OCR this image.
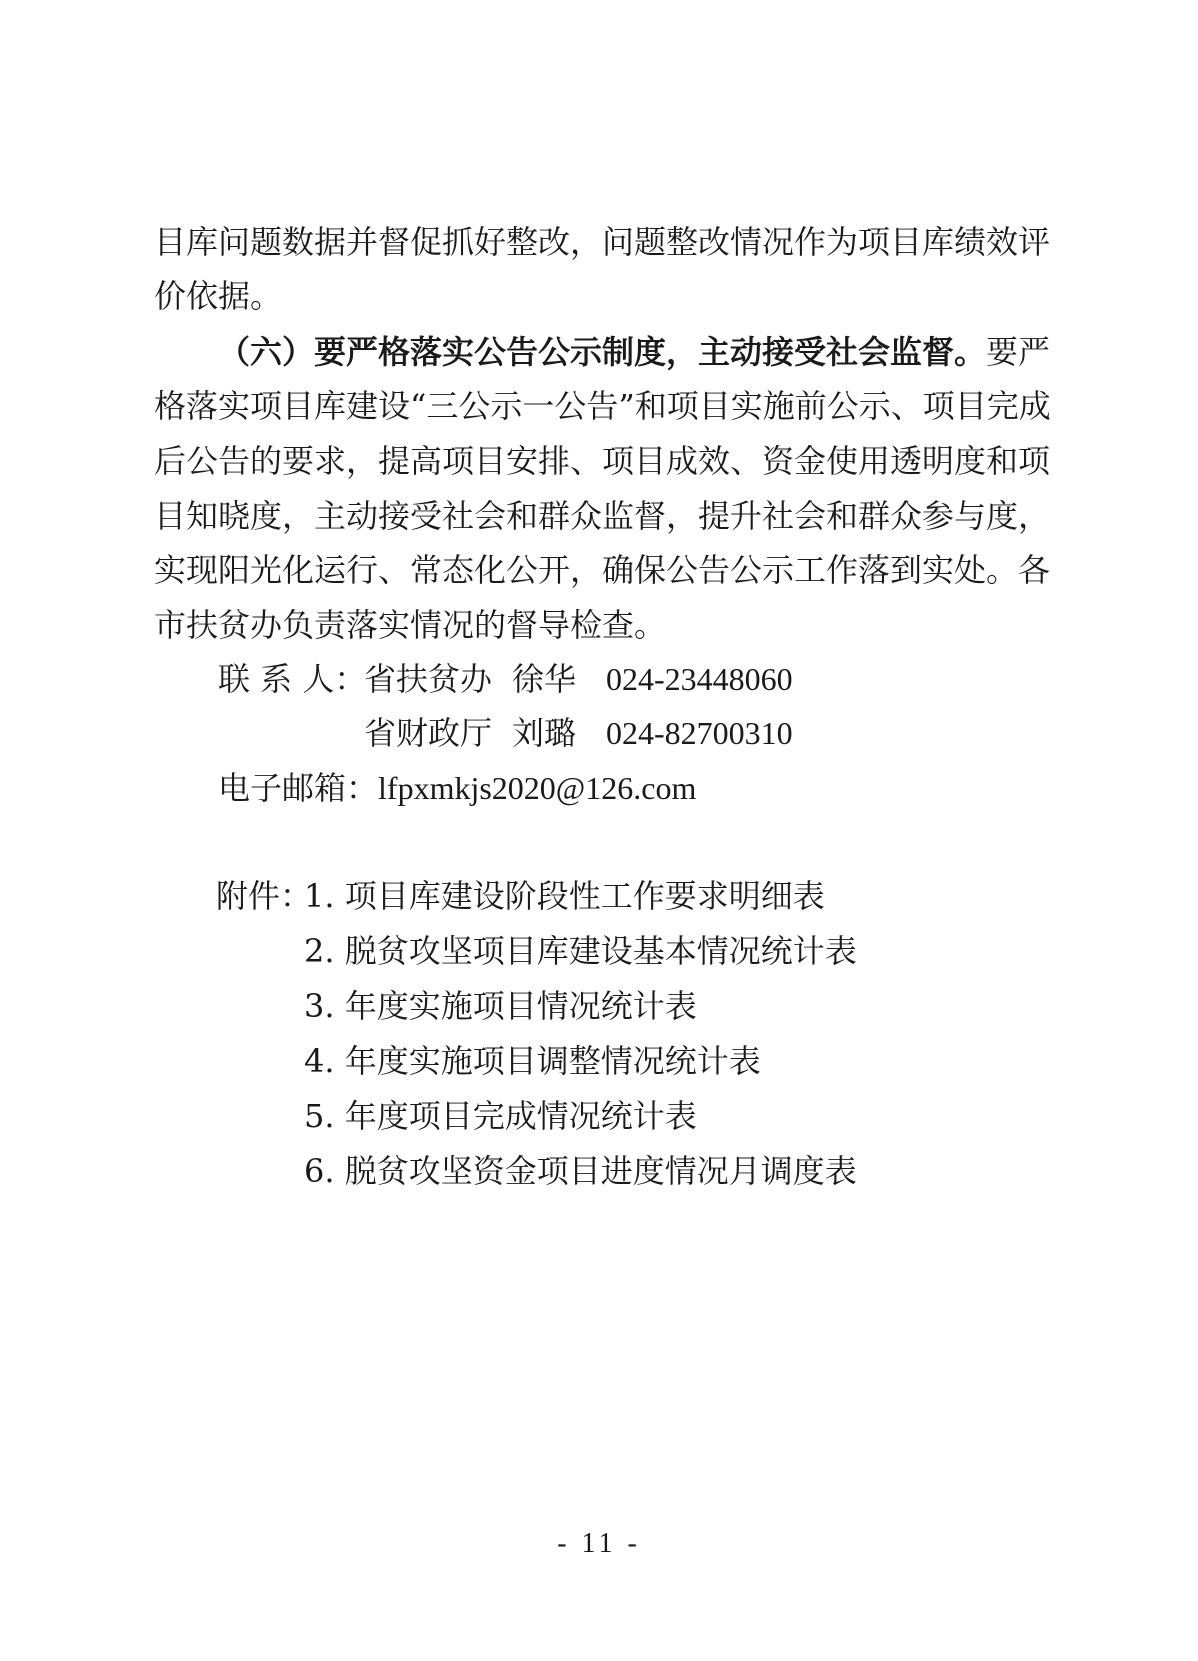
目库问题数据并督促抓好整改，问题整改情况作为项目库绩效评
价依据。
（六）要严格落实公告公示制度，主动接受社会监督。要严
格落实项目库建设“三公示一公告”和项目实施前公示、项目完成
后公告的要求，提高项目安排、项目成效、资金使用透明度和项
目知晓度，主动接受社会和群众监督，提升社会和群众参与度，
实现阳光化运行、常态化公开，确保公告公示工作落到实处。各
市扶贫办负责落实情况的督导检查。
联 系 人：省扶贫办 徐华 024-23448060
省财政厅 刘璐 024-82700310
电子邮箱：lfpxmkjs2020@126.com
附件：
1. 项目库建设阶段性工作要求明细表
2. 脱贫攻坚项目库建设基本情况统计表
3. 年度实施项目情况统计表
4. 年度实施项目调整情况统计表
5. 年度项目完成情况统计表
6. 脱贫攻坚资金项目进度情况月调度表
- 11 -
